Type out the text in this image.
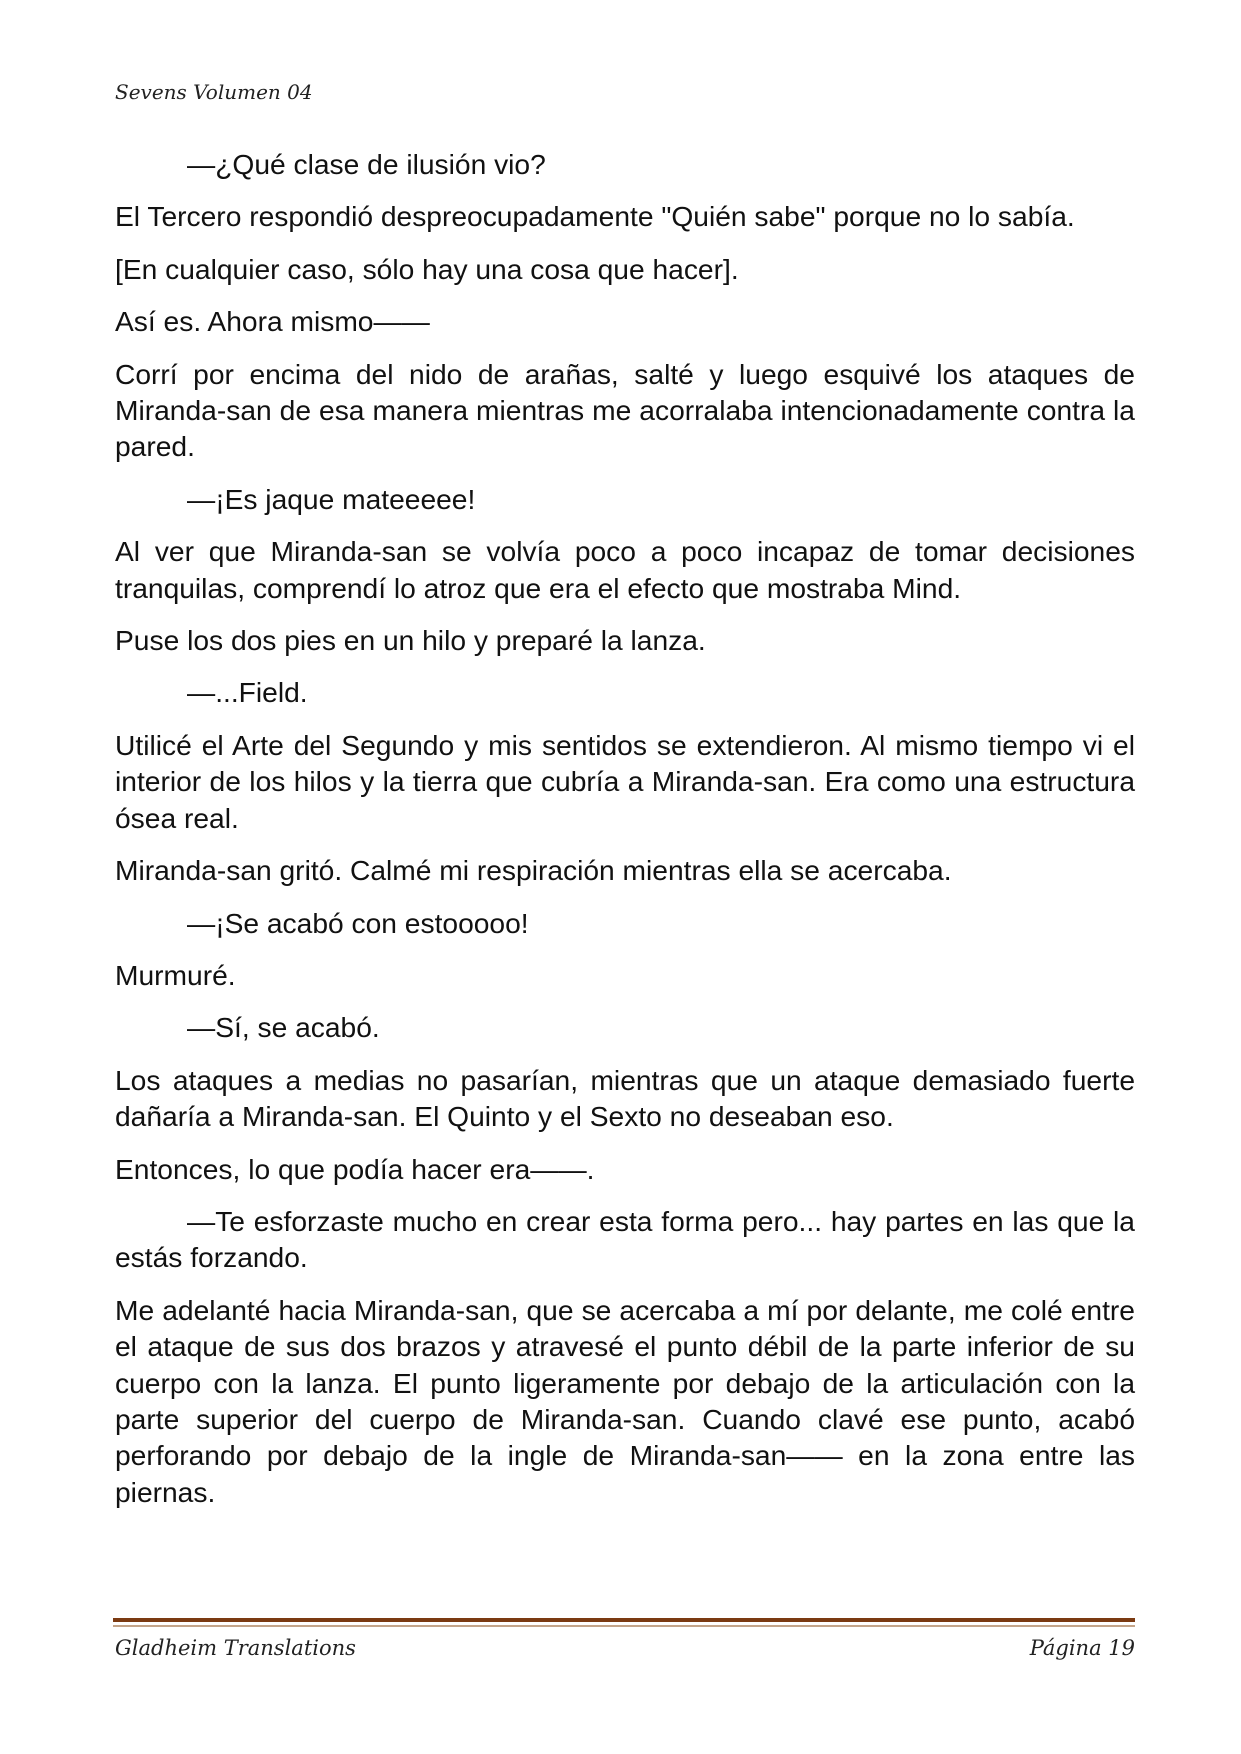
Sevens Volumen 04

—¿Qué clase de ilusión vio?

El Tercero respondió despreocupadamente "Quién sabe" porque no lo sabía.

[En cualquier caso, sólo hay una cosa que hacer].

Así es. Ahora mismo——

Corrí por encima del nido de arañas, salté y luego esquivé los ataques de Miranda-san de esa manera mientras me acorralaba intencionadamente contra la pared.

—¡Es jaque mateeeee!

Al ver que Miranda-san se volvía poco a poco incapaz de tomar decisiones tranquilas, comprendí lo atroz que era el efecto que mostraba Mind.

Puse los dos pies en un hilo y preparé la lanza.

—...Field.

Utilicé el Arte del Segundo y mis sentidos se extendieron. Al mismo tiempo vi el interior de los hilos y la tierra que cubría a Miranda-san. Era como una estructura ósea real.

Miranda-san gritó. Calmé mi respiración mientras ella se acercaba.

—¡Se acabó con estooooo!

Murmuré.

—Sí, se acabó.

Los ataques a medias no pasarían, mientras que un ataque demasiado fuerte dañaría a Miranda-san. El Quinto y el Sexto no deseaban eso.

Entonces, lo que podía hacer era——.

—Te esforzaste mucho en crear esta forma pero... hay partes en las que la estás forzando.

Me adelanté hacia Miranda-san, que se acercaba a mí por delante, me colé entre el ataque de sus dos brazos y atravesé el punto débil de la parte inferior de su cuerpo con la lanza. El punto ligeramente por debajo de la articulación con la parte superior del cuerpo de Miranda-san. Cuando clavé ese punto, acabó perforando por debajo de la ingle de Miranda-san—— en la zona entre las piernas.

Gladheim Translations	Página 19
